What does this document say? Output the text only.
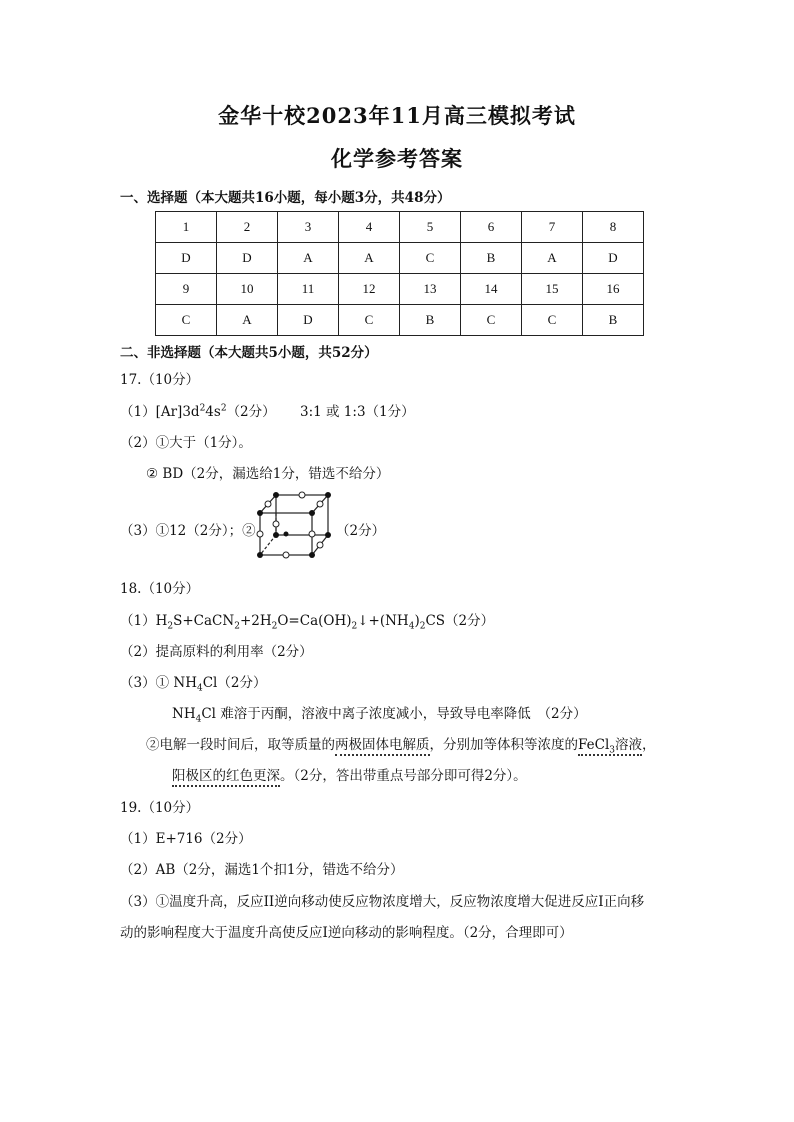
金华十校2023年11月高三模拟考试
化学参考答案
一、选择题（本大题共16小题，每小题3分，共48分）
1	2	3	4	5	6	7	8
D	D	A	A	C	B	A	D
9	10	11	12	13	14	15	16
C	A	D	C	B	C	C	B
二、非选择题（本大题共5小题，共52分）
17.（10分）
$(1)[Ar]3d^24s^2(2$分） 3:1 或 1:3（1分）
（2）①大于（1分）。
② BD（2分，漏选给1分，错选不给分）
（3）①12（2分）；②	（2分）
18.（10分）
$(1)H_2S+CaCN_2+2H_2O=Ca(OH)_2↓+(NH_4)_2CS(2$分）
（2）提高原料的利用率（2分）
（3）① $NH_4Cl(2$分）
$NH_4Cl$ 难溶于丙酮，溶液中离子浓度减小，导致导电率降低　（2分）
②电解一段时间后，取等质量的两极固体电解质，分别加等体积等浓度的FeCl$_3$溶液，
阳极区的红色更深。（2分，答出带重点号部分即可得2分）。
19.（10分）
（1）E+716（2分）
（2）AB（2分，漏选1个扣1分，错选不给分）
（3）①温度升高，反应II逆向移动使反应物浓度增大，反应物浓度增大促进反应I正向移
动的影响程度大于温度升高使反应I逆向移动的影响程度。（2分，合理即可）
